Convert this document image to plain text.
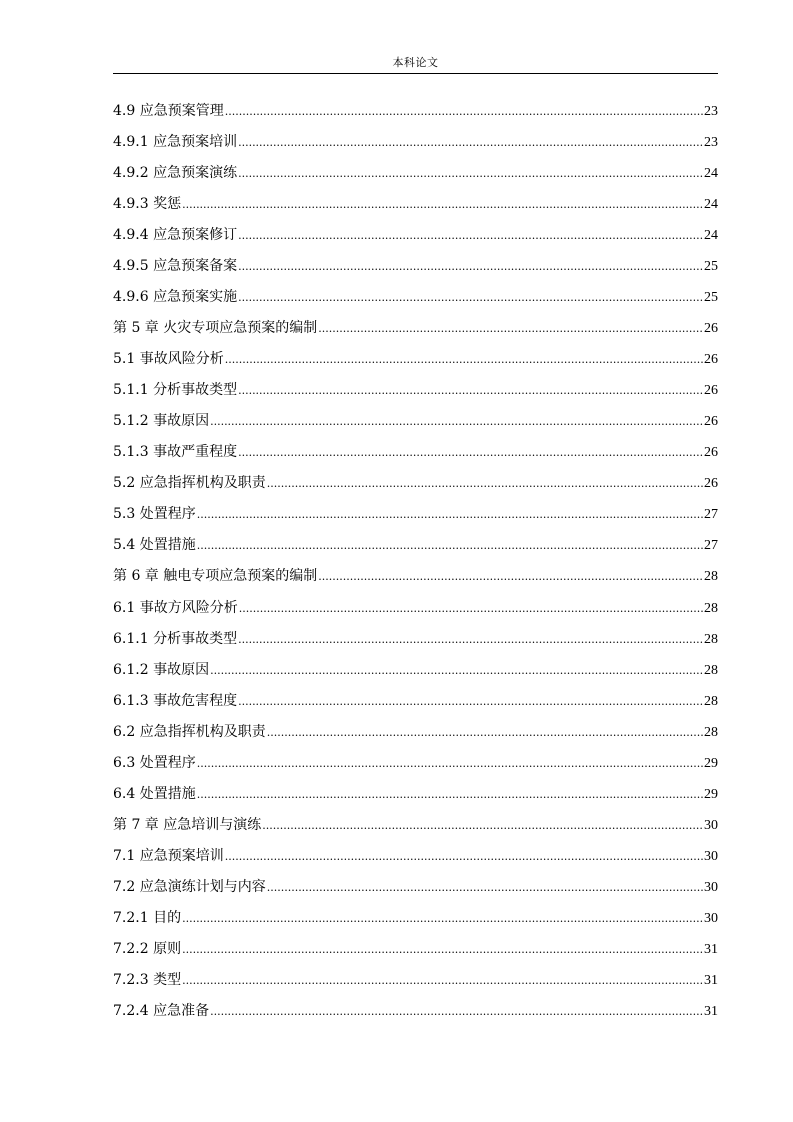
本科论文
4.9 应急预案管理 .....	23
4.9.1 应急预案培训 .....	23
4.9.2 应急预案演练 .....	24
4.9.3 奖惩 .....	24
4.9.4 应急预案修订 .....	24
4.9.5 应急预案备案 .....	25
4.9.6 应急预案实施 .....	25
第 5 章 火灾专项应急预案的编制 .....	26
5.1 事故风险分析 .....	26
5.1.1 分析事故类型 .....	26
5.1.2 事故原因 .....	26
5.1.3 事故严重程度 .....	26
5.2 应急指挥机构及职责 .....	26
5.3 处置程序 .....	27
5.4 处置措施 .....	27
第 6 章 触电专项应急预案的编制 .....	28
6.1 事故方风险分析 .....	28
6.1.1 分析事故类型 .....	28
6.1.2 事故原因 .....	28
6.1.3 事故危害程度 .....	28
6.2 应急指挥机构及职责 .....	28
6.3 处置程序 .....	29
6.4 处置措施 .....	29
第 7 章 应急培训与演练 .....	30
7.1 应急预案培训 .....	30
7.2 应急演练计划与内容 .....	30
7.2.1 目的 .....	30
7.2.2 原则 .....	31
7.2.3 类型 .....	31
7.2.4 应急准备 .....	31
